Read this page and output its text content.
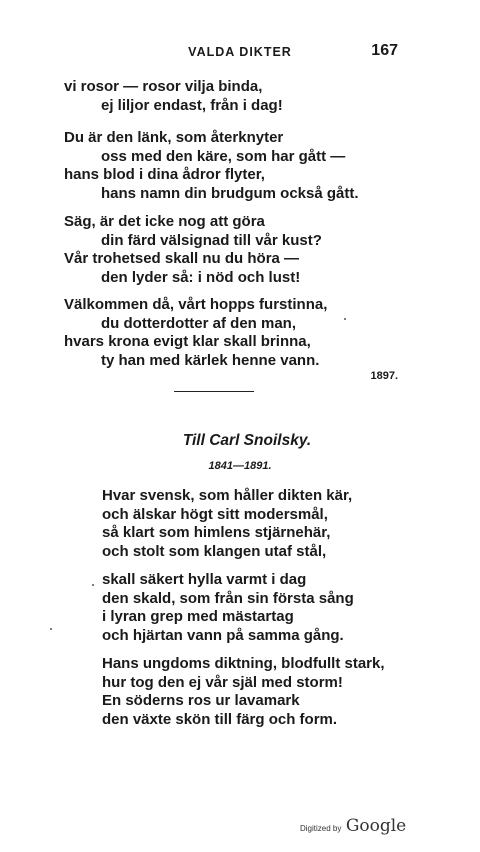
VALDA DIKTER	167
vi rosor — rosor vilja binda,
ej liljor endast, från i dag!
Du är den länk, som återknyter
oss med den käre, som har gått —
hans blod i dina ådror flyter,
hans namn din brudgum också gått.
Säg, är det icke nog att göra
din färd välsignad till vår kust?
Vår trohetsed skall nu du höra —
den lyder så: i nöd och lust!
Välkommen då, vårt hopps furstinna,
du dotterdotter af den man,
hvars krona evigt klar skall brinna,
ty han med kärlek henne vann.
1897.
Till Carl Snoilsky.
1841—1891.
Hvar svensk, som håller dikten kär,
och älskar högt sitt modersmål,
så klart som himlens stjärnehär,
och stolt som klangen utaf stål,
skall säkert hylla varmt i dag
den skald, som från sin första sång
i lyran grep med mästartag
och hjärtan vann på samma gång.
Hans ungdoms diktning, blodfullt stark,
hur tog den ej vår själ med storm!
En söderns ros ur lavamark
den växte skön till färg och form.
Digitized by Google
